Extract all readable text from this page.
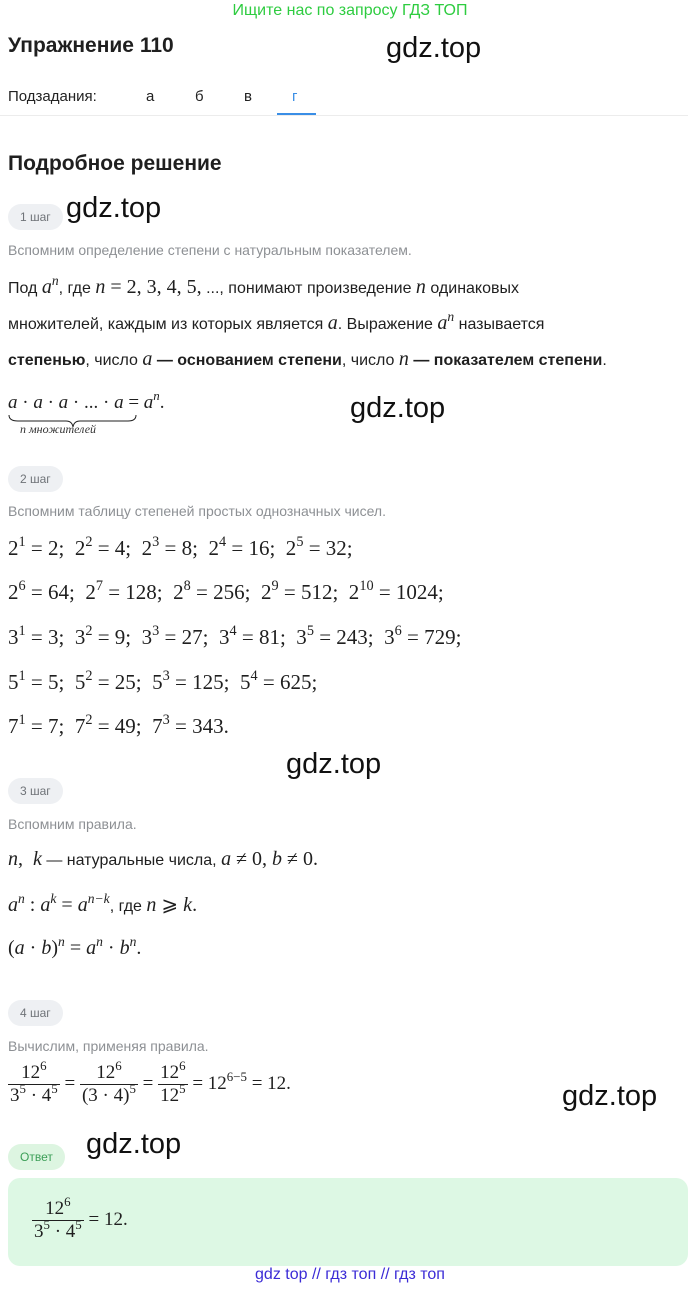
Ищите нас по запросу ГДЗ ТОП
gdz.top
Упражнение 110
Подзадания:	а	б	в	г
Подробное решение
1 шаг gdz.top
Вспомним определение степени с натуральным показателем.
Под $a^n$, где n = 2, 3, 4, 5, ..., понимают произведение n одинаковых
множителей, каждым из которых является a. Выражение $a^n$ называется
степенью, число a — основанием степени, число n — показателем степени.
a · a · a · ... · $a = a^n$.
n множителей
gdz.top
2 шаг
Вспомним таблицу степеней простых однозначных чисел.
$2^1 = 2$;  $2^2 = 4$;  $2^3 = 8$;  $2^4 = 16$;  $2^5 = 32$;
$2^6 = 64$;  $2^7 = 128$;  $2^8 = 256$;  $2^9 = 512$;  $2^{10} = 1024$;
$3^1 = 3$;  $3^2 = 9$;  $3^3 = 27$;  $3^4 = 81$;  $3^5 = 243$;  $3^6 = 729$;
$5^1 = 5$;  $5^2 = 25$;  $5^3 = 125$;  $5^4 = 625$;
$7^1 = 7$;  $7^2 = 49$;  $7^3 = 343$.
gdz.top
3 шаг
Вспомним правила.
n,  k — натуральные числа, a ≠ 0, b ≠ 0.
$a^n$ : $a^k = a^{n-k}$, где n ⩾ k.
$(a \cdot b)^n = a^n \cdot b^n$.
4 шаг
Вычислим, применяя правила.
$\frac{12^6}{3^5 \cdot 4^5} = \frac{12^6}{(3 \cdot 4)^5} = \frac{12^6}{12^5} = 12^{6-5} = 12$.	gdz.top
Ответ	gdz.top
$\frac{12^6}{3^5 \cdot 4^5} = 12$.
gdz top // гдз топ // гдз топ
